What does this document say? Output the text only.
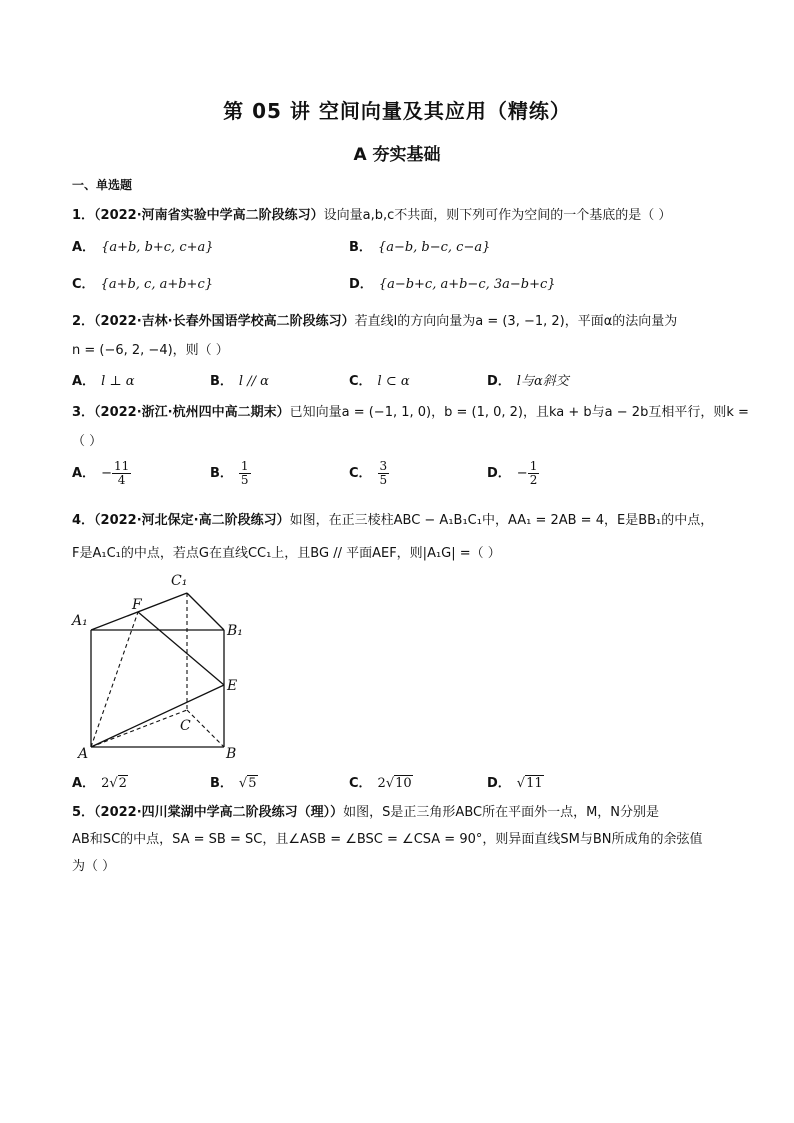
第 05 讲 空间向量及其应用（精练）
A 夯实基础
一、单选题
1．（2022·河南省实验中学高二阶段练习）设向量a,b,c不共面，则下列可作为空间的一个基底的是（ ）
A． {a+b, b+c, c+a}	B． {a−b, b−c, c−a}
C． {a+b, c, a+b+c}	D． {a−b+c, a+b−c, 3a−b+c}
2．（2022·吉林·长春外国语学校高二阶段练习）若直线l的方向向量为a = (3, −1, 2)，平面α的法向量为
n = (−6, 2, −4)，则（ ）
A． l ⊥ α	B． l // α	C． l ⊂ α	D． l与α斜交
3．（2022·浙江·杭州四中高二期末）已知向量a = (−1, 1, 0)，b = (1, 0, 2)，且ka + b与a − 2b互相平行，则k =
（ ）
A． − $\frac{11}{4}$	B． $\frac{1}{5}$	C． $\frac{3}{5}$	D． − $\frac{1}{2}$
4．（2022·河北保定·高二阶段练习）如图，在正三棱柱ABC − A₁B₁C₁中，AA₁ = 2AB = 4，E是BB₁的中点，
F是A₁C₁的中点，若点G在直线CC₁上，且BG // 平面AEF，则|A₁G| =（ ）
C₁
F
A₁
B₁
E
C
A	B
A． 2√2	B． √5	C． 2√10	D． √11
5．（2022·四川棠湖中学高二阶段练习（理））如图，S是正三角形ABC所在平面外一点，M，N分别是
AB和SC的中点，SA = SB = SC，且∠ASB = ∠BSC = ∠CSA = 90°，则异面直线SM与BN所成角的余弦值
为（ ）
